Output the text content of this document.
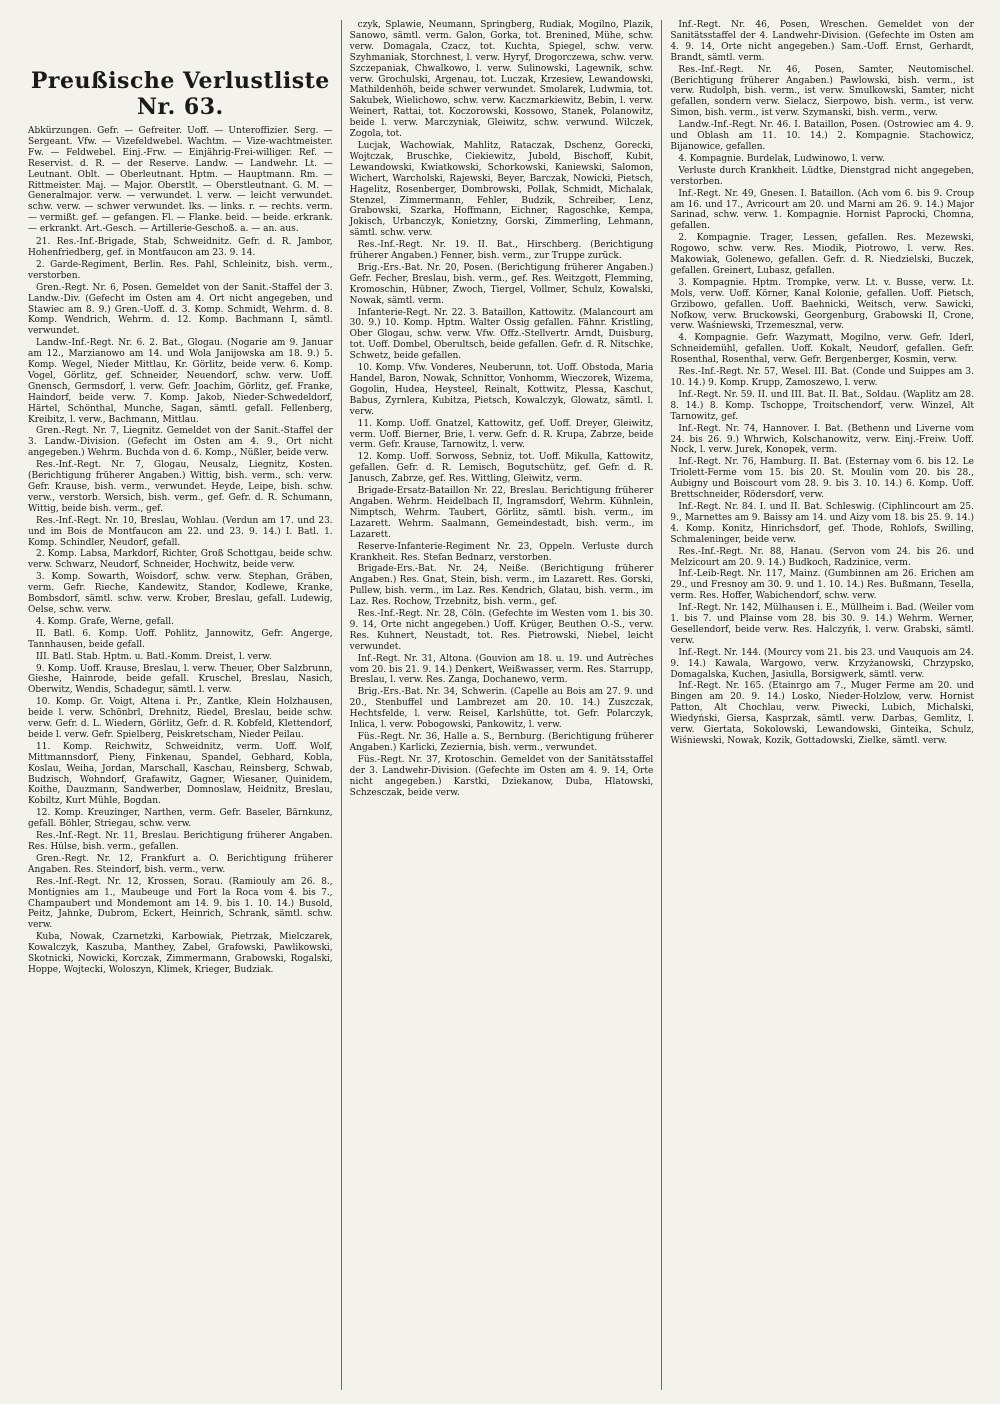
Preußische Verlustliste Nr. 63.

Abkürzungen. Gefr. — Gefreiter. Uoff. — Unteroffizier. Serg. — Sergeant. Vfw. — Vizefeldwebel. Wachtm. — Vize-wachtmeister. Fw. — Feldwebel. Einj.-Frw. — Einjährig-Frei-williger. Ref. — Reservist. d. R. — der Reserve. Landw. — Landwehr. Lt. — Leutnant. Oblt. — Oberleutnant. Hptm. — Hauptmann. Rm. — Rittmeister. Maj. — Major. Oberstlt. — Oberstleutnant. G. M. — Generalmajor. verw. — verwundet. l. verw. — leicht verwundet. schw. verw. — schwer verwundet. lks. — links. r. — rechts. verm. — vermißt. gef. — gefangen. Fl. — Flanke. beid. — beide. erkrank. — erkrankt. Art.-Gesch. — Artillerie-Geschoß. a. — an. aus.

21. Res.-Inf.-Brigade, Stab, Schweidnitz. Gefr. d. R. Jambor, Hohenfriedberg, gef. in Montfaucon am 23. 9. 14.

2. Garde-Regiment, Berlin. Res. Pahl, Schleinitz, bish. verm., verstorben.

Gren.-Regt. Nr. 6, Posen. Gemeldet von der Sanit.-Staffel der 3. Landw.-Div. (Gefecht im Osten am 4. Ort nicht angegeben, und Stawiec am 8. 9.) Gren.-Uoff. d. 3. Komp. Schmidt, Wehrm. d. 8. Komp. Wendrich, Wehrm. d. 12. Komp. Bachmann I, sämtl. verwundet.

Landw.-Inf.-Regt. Nr. 6. 2. Bat., Glogau. (Nogarie am 9. Januar am 12., Marzianowo am 14. und Wola Janijowska am 18. 9.) 5. Komp. Wegel, Nieder Mittlau, Kr. Görlitz, beide verw. 6. Komp. Vogel, Görlitz, gef. Schneider, Neuendorf, schw. verw. Uoff. Gnensch, Germsdorf, l. verw. Gefr. Joachim, Görlitz, gef. Franke, Haindorf, beide verw. 7. Komp. Jakob, Nieder-Schwedeldorf, Härtel, Schönthal, Munche, Sagan, sämtl. gefall. Fellenberg, Kreibitz, l. verw., Bachmann, Mittlau.

Gren.-Regt. Nr. 7, Liegnitz. Gemeldet von der Sanit.-Staffel der 3. Landw.-Division. (Gefecht im Osten am 4. 9., Ort nicht angegeben.) Wehrm. Buchda von d. 6. Komp., Nüßler, beide verw.

Res.-Inf.-Regt. Nr. 7, Glogau, Neusalz, Liegnitz, Kosten. (Berichtigung früherer Angaben.) Wittig, bish. verm., sch. verw. Gefr. Krause, bish. verm., verwundet. Heyde, Leipe, bish. schw. verw., verstorb. Wersich, bish. verm., gef. Gefr. d. R. Schumann, Wittig, beide bish. verm., gef.

Res.-Inf.-Regt. Nr. 10, Breslau, Wohlau. (Verdun am 17. und 23. und im Bois de Montfaucon am 22. und 23. 9. 14.) I. Batl. 1. Komp. Schindler, Neudorf, gefall.

2. Komp. Labsa, Markdorf, Richter, Groß Schottgau, beide schw. verw. Schwarz, Neudorf, Schneider, Hochwitz, beide verw.

3. Komp. Sowarth, Woisdorf, schw. verw. Stephan, Gräben, verm. Gefr. Rieche, Kandewitz, Standor, Kodlewe, Kranke, Bombsdorf, sämtl. schw. verw. Krober, Breslau, gefall. Ludewig, Oelse, schw. verw.

4. Komp. Grafe, Werne, gefall.

II. Batl. 6. Komp. Uoff. Pohlitz, Jannowitz, Gefr. Angerge, Tannhausen, beide gefall.

III. Batl. Stab. Hptm. u. Batl.-Komm. Dreist, l. verw.

9. Komp. Uoff. Krause, Breslau, l. verw. Theuer, Ober Salzbrunn, Gieshe, Hainrode, beide gefall. Kruschel, Breslau, Nasich, Oberwitz, Wendis, Schadegur, sämtl. l. verw.

10. Komp. Gr. Voigt, Altena i. Pr., Zantke, Klein Holzhausen, beide l. verw. Schönbrl, Drehnitz, Riedel, Breslau, beide schw. verw. Gefr. d. L. Wiedern, Görlitz, Gefr. d. R. Kobfeld, Klettendorf, beide l. verw. Gefr. Spielberg, Peiskretscham, Nieder Peilau.

11. Komp. Reichwitz, Schweidnitz, verm. Uoff. Wolf, Mittmannsdorf, Pieny, Finkenau, Spandel, Gebhard, Kobla, Koslau, Weiha, Jordan, Marschall, Kaschau, Reinsberg, Schwab, Budzisch, Wohndorf, Grafawitz, Gagner, Wiesaner, Quinidem, Koithe, Dauzmann, Sandwerber, Domnoslaw, Heidnitz, Breslau, Kobiltz, Kurt Mühle, Bogdan.

12. Komp. Kreuzinger, Narthen, verm. Gefr. Baseler, Bärnkunz, gefall. Böhler, Striegau, schw. verw.

Res.-Inf.-Regt. Nr. 11, Breslau. Berichtigung früherer Angaben. Res. Hülse, bish. verm., gefallen.

Gren.-Regt. Nr. 12, Frankfurt a. O. Berichtigung früherer Angaben. Res. Steindorf, bish. verm., verw.

Res.-Inf.-Regt. Nr. 12, Krossen, Sorau. (Ramiouly am 26. 8., Montignies am 1., Maubeuge und Fort la Roca vom 4. bis 7., Champaubert und Mondemont am 14. 9. bis 1. 10. 14.) Busold, Peitz, Jahnke, Dubrom, Eckert, Heinrich, Schrank, sämtl. schw. verw.

Kuba, Nowak, Czarnetzki, Karbowiak, Pietrzak, Mielczarek, Kowalczyk, Kaszuba, Manthey, Zabel, Grafowski, Pawlikowski, Skotnicki, Nowicki, Korczak, Zimmermann, Grabowski, Rogalski, Hoppe, Wojtecki, Woloszyn, Klimek, Krieger, Budziak.

czyk, Splawie, Neumann, Springberg, Rudiak, Mogilno, Plazik, Sanowo, sämtl. verm. Galon, Gorka, tot. Brenined, Mühe, schw. verw. Domagala, Czacz, tot. Kuchta, Spiegel, schw. verw. Szyhmaniak, Storchnest, l. verw. Hyryf, Drogorczewa, schw. verw. Szczepaniak, Chwalkowo, l. verw. Sulinowski, Lagewnik, schw. verw. Grochulski, Argenau, tot. Luczak, Krzesiew, Lewandowski, Mathildenhöh, beide schwer verwundet. Smolarek, Ludwmia, tot. Sakubek, Wielichowo, schw. verw. Kaczmarkiewitz, Bebin, l. verw. Weinert, Rattai, tot. Koczorowski, Kossowo, Stanek, Polanowitz, beide l. verw. Marczyniak, Gleiwitz, schw. verwund. Wilczek, Zogola, tot.

Lucjak, Wachowiak, Mahlitz, Rataczak, Dschenz, Gorecki, Wojtczak, Bruschke, Ciekiewitz, Jubold, Bischoff, Kubit, Lewandowski, Kwiatkowski, Schorkowski, Kaniewski, Salomon, Wichert, Warcholski, Rajewski, Beyer, Barczak, Nowicki, Pietsch, Hagelitz, Rosenberger, Dombrowski, Pollak, Schmidt, Michalak, Stenzel, Zimmermann, Fehler, Budzik, Schreiber, Lenz, Grabowski, Szarka, Hoffmann, Eichner, Ragoschke, Kempa, Jokisch, Urbanczyk, Konietzny, Gorski, Zimmerling, Lehmann, sämtl. schw. verw.

Res.-Inf.-Regt. Nr. 19. II. Bat., Hirschberg. (Berichtigung früherer Angaben.) Fenner, bish. verm., zur Truppe zurück.

Brig.-Ers.-Bat. Nr. 20, Posen. (Berichtigung früherer Angaben.) Gefr. Fecher, Breslau, bish. verm., gef. Res. Weitzgott, Flemming, Kromoschin, Hübner, Zwoch, Tiergel, Vollmer, Schulz, Kowalski, Nowak, sämtl. verm.

Infanterie-Regt. Nr. 22. 3. Bataillon, Kattowitz. (Malancourt am 30. 9.) 10. Komp. Hptm. Walter Ossig gefallen. Fähnr. Kristling, Ober Glogau, schw. verw. Vfw. Offz.-Stellvertr. Arndt, Duisburg, tot. Uoff. Dombel, Oberultsch, beide gefallen. Gefr. d. R. Nitschke, Schwetz, beide gefallen.

10. Komp. Vfw. Vonderes, Neuberunn, tot. Uoff. Obstoda, Maria Handel, Baron, Nowak, Schnittor, Vonhomm, Wieczorek, Wizema, Gogolin, Hudea, Heysteel, Reinalt, Kottwitz, Plessa, Kaschut, Babus, Zyrnlera, Kubitza, Pietsch, Kowalczyk, Glowatz, sämtl. l. verw.

11. Komp. Uoff. Gnatzel, Kattowitz, gef. Uoff. Dreyer, Gleiwitz, verm. Uoff. Bierner, Brie, l. verw. Gefr. d. R. Krupa, Zabrze, beide verm. Gefr. Krause, Tarnowitz, l. verw.

12. Komp. Uoff. Sorwoss, Sebniz, tot. Uoff. Mikulla, Kattowitz, gefallen. Gefr. d. R. Lemisch, Bogutschütz, gef. Gefr. d. R. Janusch, Zabrze, gef. Res. Wittling, Gleiwitz, verm.

Brigade-Ersatz-Bataillon Nr. 22, Breslau. Berichtigung früherer Angaben. Wehrm. Heidelbach II, Ingramsdorf, Wehrm. Kühnlein, Nimptsch, Wehrm. Taubert, Görlitz, sämtl. bish. verm., im Lazarett. Wehrm. Saalmann, Gemeindestadt, bish. verm., im Lazarett.

Reserve-Infanterie-Regiment Nr. 23, Oppeln. Verluste durch Krankheit. Res. Stefan Bednarz, verstorben.

Brigade-Ers.-Bat. Nr. 24, Neiße. (Berichtigung früherer Angaben.) Res. Gnat, Stein, bish. verm., im Lazarett. Res. Gorski, Pullew, bish. verm., im Laz. Res. Kendrich, Glatau, bish. verm., im Laz. Res. Rochow, Trzebnitz, bish. verm., gef.

Res.-Inf.-Regt. Nr. 28, Cöln. (Gefechte im Westen vom 1. bis 30. 9. 14, Orte nicht angegeben.) Uoff. Krüger, Beuthen O.-S., verw. Res. Kuhnert, Neustadt, tot. Res. Pietrowski, Niebel, leicht verwundet.

Inf.-Regt. Nr. 31, Altona. (Gouvion am 18. u. 19. und Autrèches vom 20. bis 21. 9. 14.) Denkert, Weißwasser, verm. Res. Starrupp, Breslau, l. verw. Res. Zanga, Dochanewo, verm.

Brig.-Ers.-Bat. Nr. 34, Schwerin. (Capelle au Bois am 27. 9. und 20., Stenbuffel und Lambrezet am 20. 10. 14.) Zuszczak, Hechtsfelde, l. verw. Reisel, Karlshütte, tot. Gefr. Polarczyk, Inlica, l. verw. Pobogowski, Pankowitz, l. verw.

Füs.-Regt. Nr. 36, Halle a. S., Bernburg. (Berichtigung früherer Angaben.) Karlicki, Zeziernia, bish. verm., verwundet.

Füs.-Regt. Nr. 37, Krotoschin. Gemeldet von der Sanitätsstaffel der 3. Landwehr-Division. (Gefechte im Osten am 4. 9. 14, Orte nicht angegeben.) Karstki, Dziekanow, Duba, Hlatowski, Schzesczak, beide verw.

Inf.-Regt. Nr. 46, Posen, Wreschen. Gemeldet von der Sanitätsstaffel der 4. Landwehr-Division. (Gefechte im Osten am 4. 9. 14, Orte nicht angegeben.) Sam.-Uoff. Ernst, Gerhardt, Brandt, sämtl. verm.

Res.-Inf.-Regt. Nr. 46, Posen, Samter, Neutomischel. (Berichtigung früherer Angaben.) Pawlowski, bish. verm., ist verw. Rudolph, bish. verm., ist verw. Smulkowski, Samter, nicht gefallen, sondern verw. Sielacz, Sierpowo, bish. verm., ist verw. Simon, bish. verm., ist verw. Szymanski, bish. verm., verw.

Landw.-Inf.-Regt. Nr. 46. I. Bataillon, Posen. (Ostrowiec am 4. 9. und Oblash am 11. 10. 14.) 2. Kompagnie. Stachowicz, Bijanowice, gefallen.

4. Kompagnie. Burdelak, Ludwinowo, l. verw.

Verluste durch Krankheit. Lüdtke, Dienstgrad nicht angegeben, verstorben.

Inf.-Regt. Nr. 49, Gnesen. I. Bataillon. (Ach vom 6. bis 9. Croup am 16. und 17., Avricourt am 20. und Marni am 26. 9. 14.) Major Sarinad, schw. verw. 1. Kompagnie. Hornist Paprocki, Chomna, gefallen.

2. Kompagnie. Trager, Lessen, gefallen. Res. Mezewski, Rogowo, schw. verw. Res. Miodik, Piotrowo, l. verw. Res. Makowiak, Golenewo, gefallen. Gefr. d. R. Niedzielski, Buczek, gefallen. Greinert, Lubasz, gefallen.

3. Kompagnie. Hptm. Trompke, verw. Lt. v. Busse, verw. Lt. Mols, verw. Uoff. Körner, Kanal Kolonie, gefallen. Uoff. Pietsch, Grzibowo, gefallen. Uoff. Baehnicki, Weitsch, verw. Sawicki, Nofkow, verw. Bruckowski, Georgenburg, Grabowski II, Crone, verw. Waśniewski, Trzemesznal, verw.

4. Kompagnie. Gefr. Wazymatt, Mogilno, verw. Gefr. Iderl, Schneidemühl, gefallen. Uoff. Kokalt, Neudorf, gefallen. Gefr. Rosenthal, Rosenthal, verw. Gefr. Bergenberger, Kosmin, verw.

Res.-Inf.-Regt. Nr. 57, Wesel. III. Bat. (Conde und Suippes am 3. 10. 14.) 9. Komp. Krupp, Zamoszewo, l. verw.

Inf.-Regt. Nr. 59. II. und III. Bat. II. Bat., Soldau. (Waplitz am 28. 8. 14.) 8. Komp. Tschoppe, Troitschendorf, verw. Winzel, Alt Tarnowitz, gef.

Inf.-Regt. Nr. 74, Hannover. I. Bat. (Bethenn und Liverne vom 24. bis 26. 9.) Whrwich, Kolschanowitz, verw. Einj.-Freiw. Uoff. Nock, l. verw. Jurek, Konopek, verm.

Inf.-Regt. Nr. 76, Hamburg. II. Bat. (Esternay vom 6. bis 12. Le Triolett-Ferme vom 15. bis 20. St. Moulin vom 20. bis 28., Aubigny und Boiscourt vom 28. 9. bis 3. 10. 14.) 6. Komp. Uoff. Brettschneider, Rödersdorf, verw.

Inf.-Regt. Nr. 84. I. und II. Bat. Schleswig. (Ciphlincourt am 25. 9., Marnettes am 9. Baissy am 14. und Aizy vom 18. bis 25. 9. 14.) 4. Komp. Konitz, Hinrichsdorf, gef. Thode, Rohlofs, Swilling, Schmaleninger, beide verw.

Res.-Inf.-Regt. Nr. 88, Hanau. (Servon vom 24. bis 26. und Melzicourt am 20. 9. 14.) Budkoch, Radzinice, verm.

Inf.-Leib-Regt. Nr. 117, Mainz. (Gumbinnen am 26. Erichen am 29., und Fresnoy am 30. 9. und 1. 10. 14.) Res. Bußmann, Tesella, verm. Res. Hoffer, Wabichendorf, schw. verw.

Inf.-Regt. Nr. 142, Mülhausen i. E., Müllheim i. Bad. (Weiler vom 1. bis 7. und Plainse vom 28. bis 30. 9. 14.) Wehrm. Werner, Gesellendorf, beide verw. Res. Halczyńk, l. verw. Grabski, sämtl. verw.

Inf.-Regt. Nr. 144. (Mourcy vom 21. bis 23. und Vauquois am 24. 9. 14.) Kawala, Wargowo, verw. Krzyżanowski, Chrzypsko, Domagalska, Kuchen, Jasiulla, Borsigwerk, sämtl. verw.

Inf.-Regt. Nr. 165. (Etainrgo am 7., Muger Ferme am 20. und Bingen am 20. 9. 14.) Losko, Nieder-Holzlow, verw. Hornist Patton, Alt Chochlau, verw. Piwecki, Lubich, Michalski, Wiedyński, Giersa, Kasprzak, sämtl. verw. Darbas, Gemlitz, l. verw. Giertata, Sokolowski, Lewandowski, Ginteika, Schulz, Wiśniewski, Nowak, Kozik, Gottadowski, Zielke, sämtl. verw.
